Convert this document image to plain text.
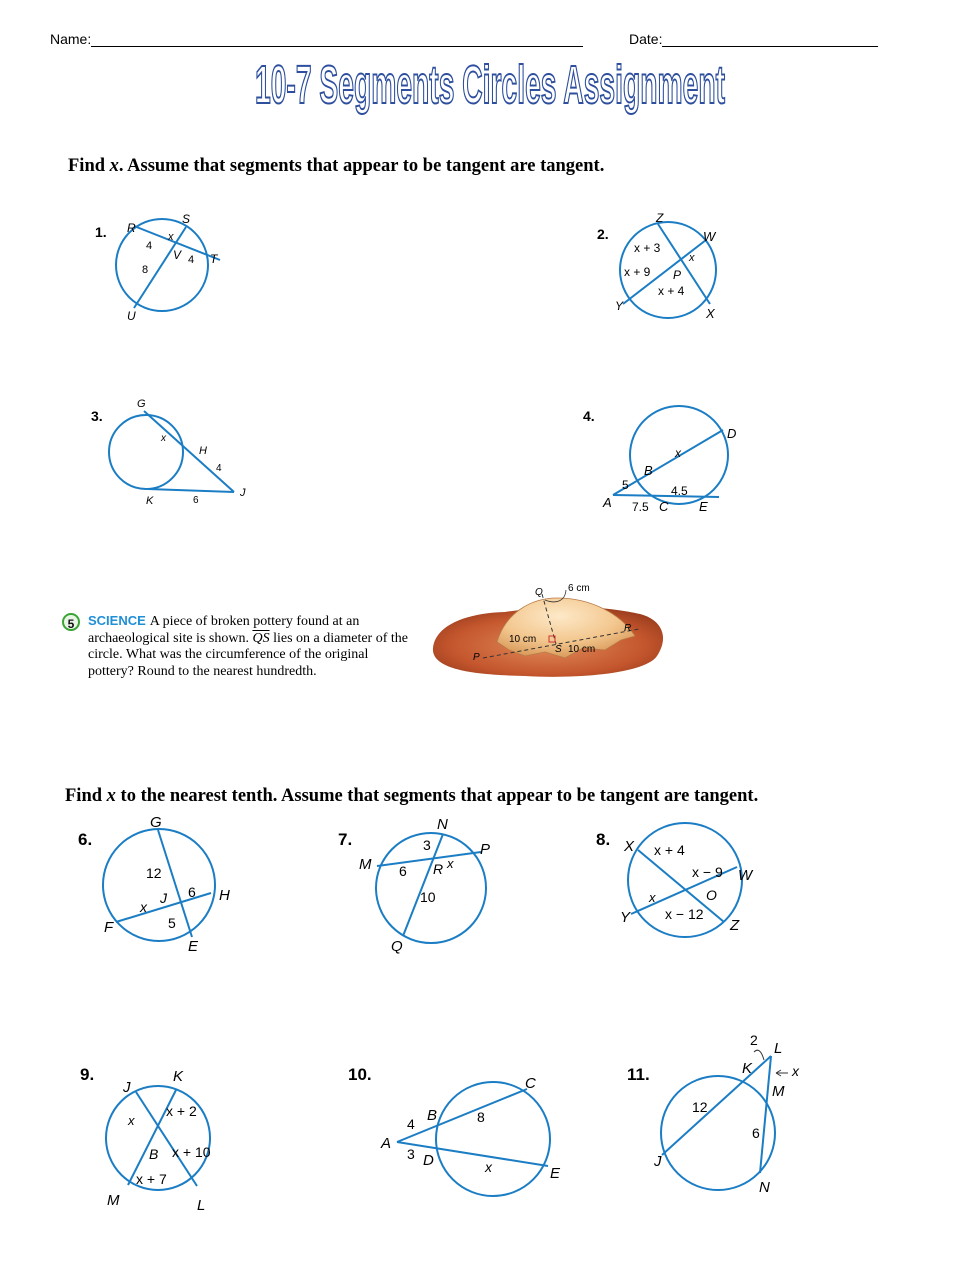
Name:	Date:
10-7 Segments Circles Assignment
Find x. Assume that segments that appear to be tangent are tangent.
1.	2.
3.	4.
R
S
T
U
V
4
x
8
4
Z
W
X
Y
P
x + 3
x
x + 9
x + 4
G
H
J
K
x
4
6
D
B
A	C E
x
5	4.5
7.5
5 SCIENCE A piece of broken pottery found at an archaeological site is shown. $\overline{QS}$ lies on a diameter of the circle. What was the circumference of the original pottery? Round to the nearest hundredth.
Q	6 cm
R
10 cm
P
S 10 cm
Find x to the nearest tenth. Assume that segments that appear to be tangent are tangent.
6.	7.	8.
9.	10.	11.
G
H
F
E
J
12
6
x
5
N
P
M
Q
R
3
x
6
10
X
W
Y	Z
O
x + 4
x − 9
x
x − 12
J
K
M	L
B
x
x + 2
x + 10
x + 7
C
B
A
D
E
4	8
3
x
L
K
M
J
N
2
x
12
6
